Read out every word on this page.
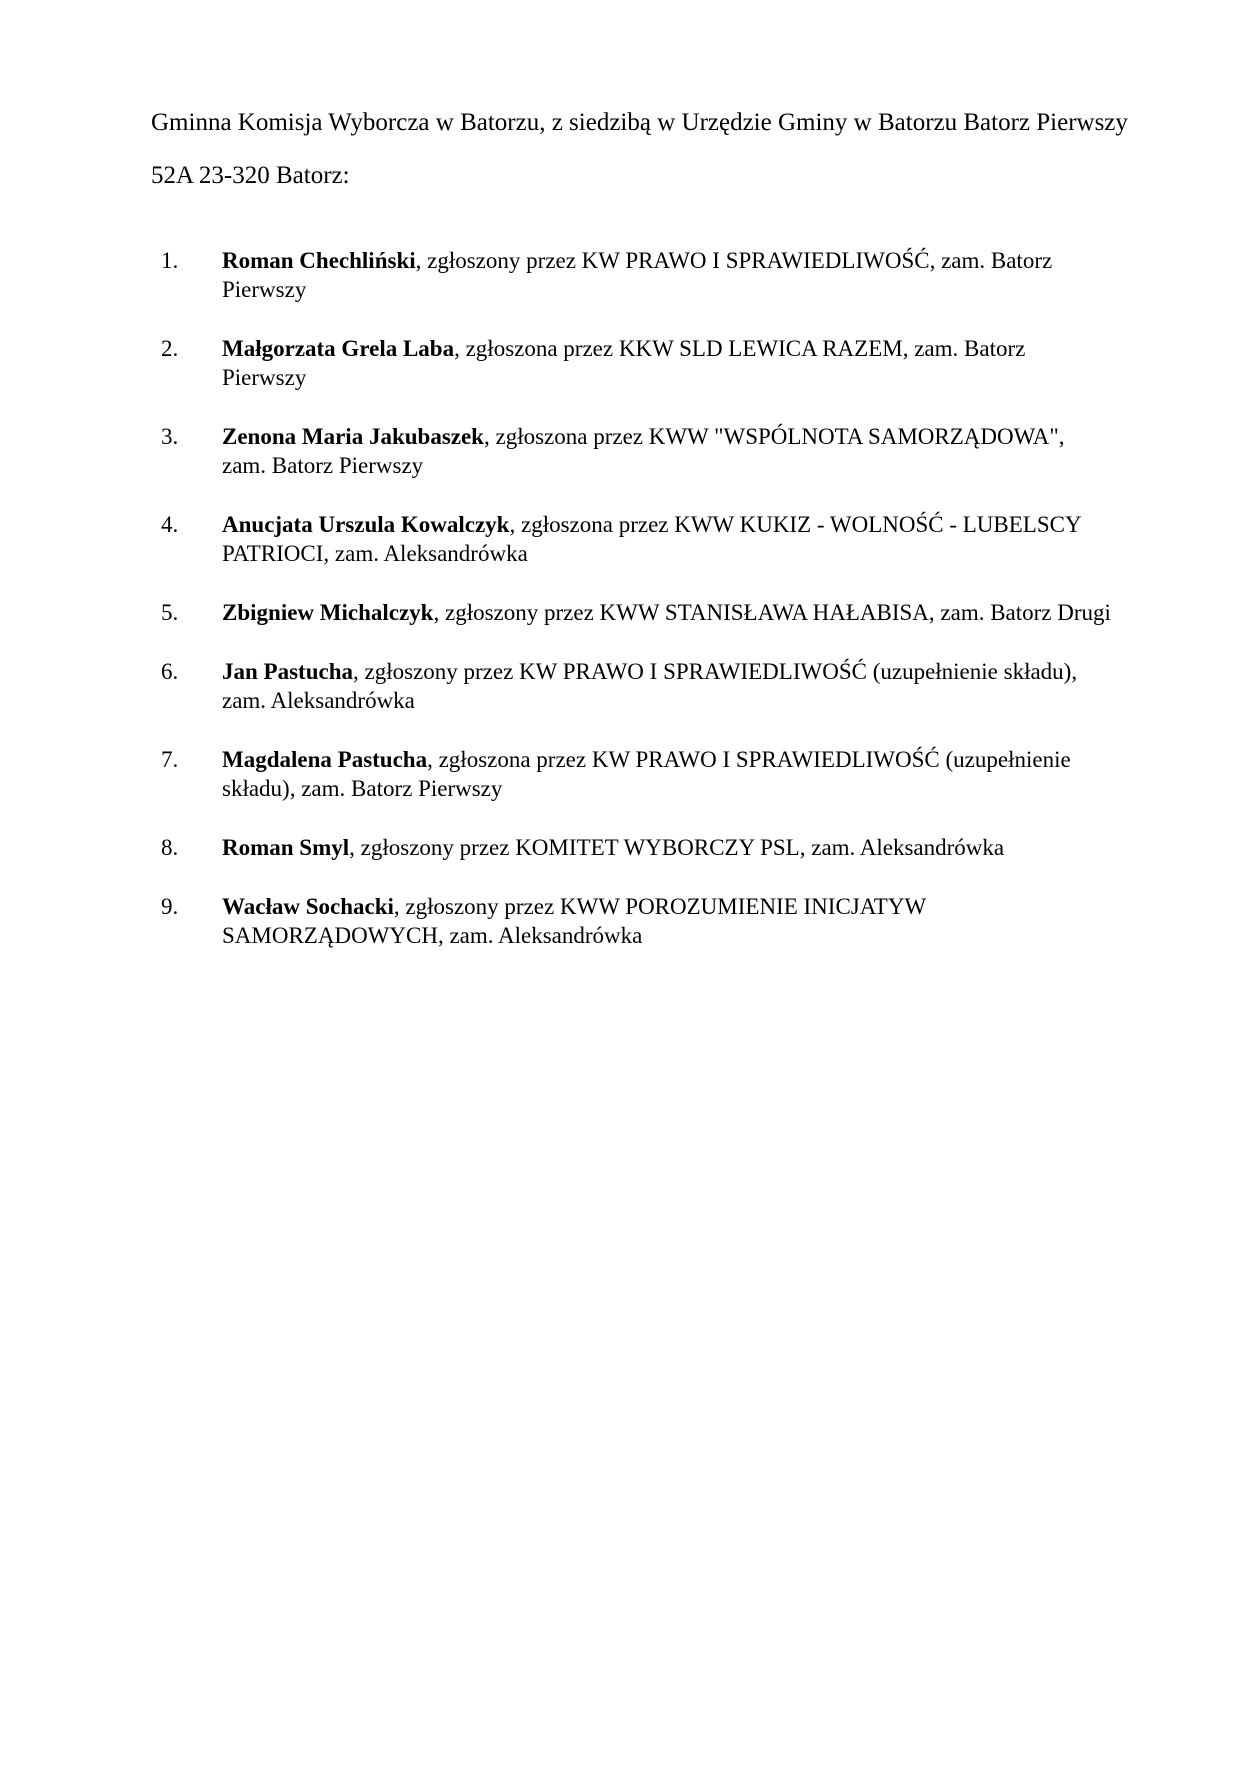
Gminna Komisja Wyborcza w Batorzu, z siedzibą w Urzędzie Gminy w Batorzu Batorz Pierwszy 52A 23-320 Batorz:

1. Roman Chechliński, zgłoszony przez KW PRAWO I SPRAWIEDLIWOŚĆ, zam. Batorz Pierwszy
2. Małgorzata Grela Laba, zgłoszona przez KKW SLD LEWICA RAZEM, zam. Batorz Pierwszy
3. Zenona Maria Jakubaszek, zgłoszona przez KWW "WSPÓLNOTA SAMORZĄDOWA", zam. Batorz Pierwszy
4. Anucjata Urszula Kowalczyk, zgłoszona przez KWW KUKIZ - WOLNOŚĆ - LUBELSCY PATRIOCI, zam. Aleksandrówka
5. Zbigniew Michalczyk, zgłoszony przez KWW STANISŁAWA HAŁABISA, zam. Batorz Drugi
6. Jan Pastucha, zgłoszony przez KW PRAWO I SPRAWIEDLIWOŚĆ (uzupełnienie składu), zam. Aleksandrówka
7. Magdalena Pastucha, zgłoszona przez KW PRAWO I SPRAWIEDLIWOŚĆ (uzupełnienie składu), zam. Batorz Pierwszy
8. Roman Smyl, zgłoszony przez KOMITET WYBORCZY PSL, zam. Aleksandrówka
9. Wacław Sochacki, zgłoszony przez KWW POROZUMIENIE INICJATYW SAMORZĄDOWYCH, zam. Aleksandrówka
